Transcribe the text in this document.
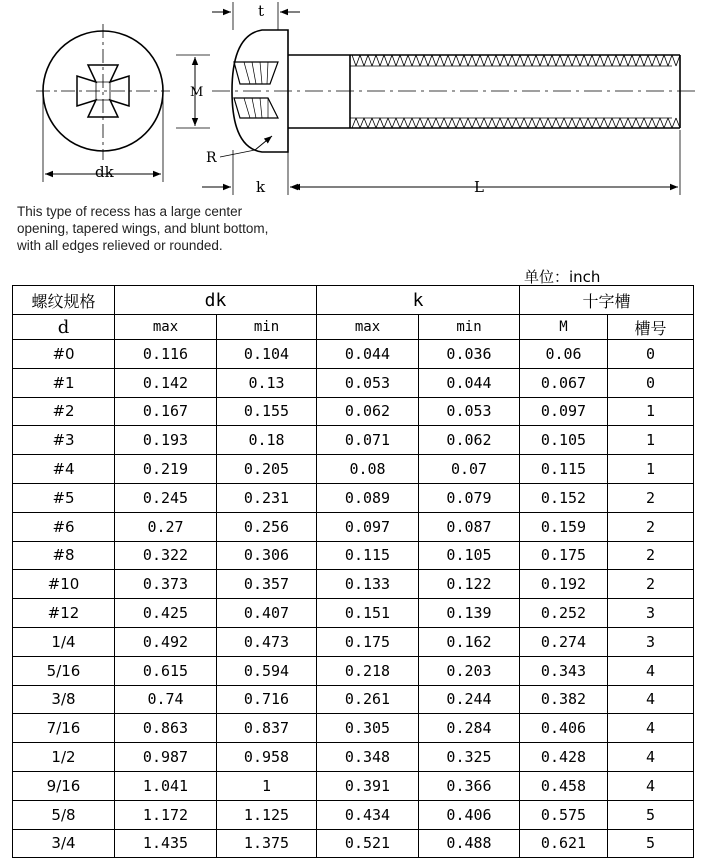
dk
M
t
k	L
R
This type of recess has a large center
opening, tapered wings, and blunt bottom,
with all edges relieved or rounded.
单位：inch
螺纹规格	dk		k		十字槽	
d	max	min	max	min	M	槽号
#0	0.116	0.104	0.044	0.036	0.06	0
#1	0.142	0.13	0.053	0.044	0.067	0
#2	0.167	0.155	0.062	0.053	0.097	1
#3	0.193	0.18	0.071	0.062	0.105	1
#4	0.219	0.205	0.08	0.07	0.115	1
#5	0.245	0.231	0.089	0.079	0.152	2
#6	0.27	0.256	0.097	0.087	0.159	2
#8	0.322	0.306	0.115	0.105	0.175	2
#10	0.373	0.357	0.133	0.122	0.192	2
#12	0.425	0.407	0.151	0.139	0.252	3
1/4	0.492	0.473	0.175	0.162	0.274	3
5/16	0.615	0.594	0.218	0.203	0.343	4
3/8	0.74	0.716	0.261	0.244	0.382	4
7/16	0.863	0.837	0.305	0.284	0.406	4
1/2	0.987	0.958	0.348	0.325	0.428	4
9/16	1.041	1	0.391	0.366	0.458	4
5/8	1.172	1.125	0.434	0.406	0.575	5
3/4	1.435	1.375	0.521	0.488	0.621	5
